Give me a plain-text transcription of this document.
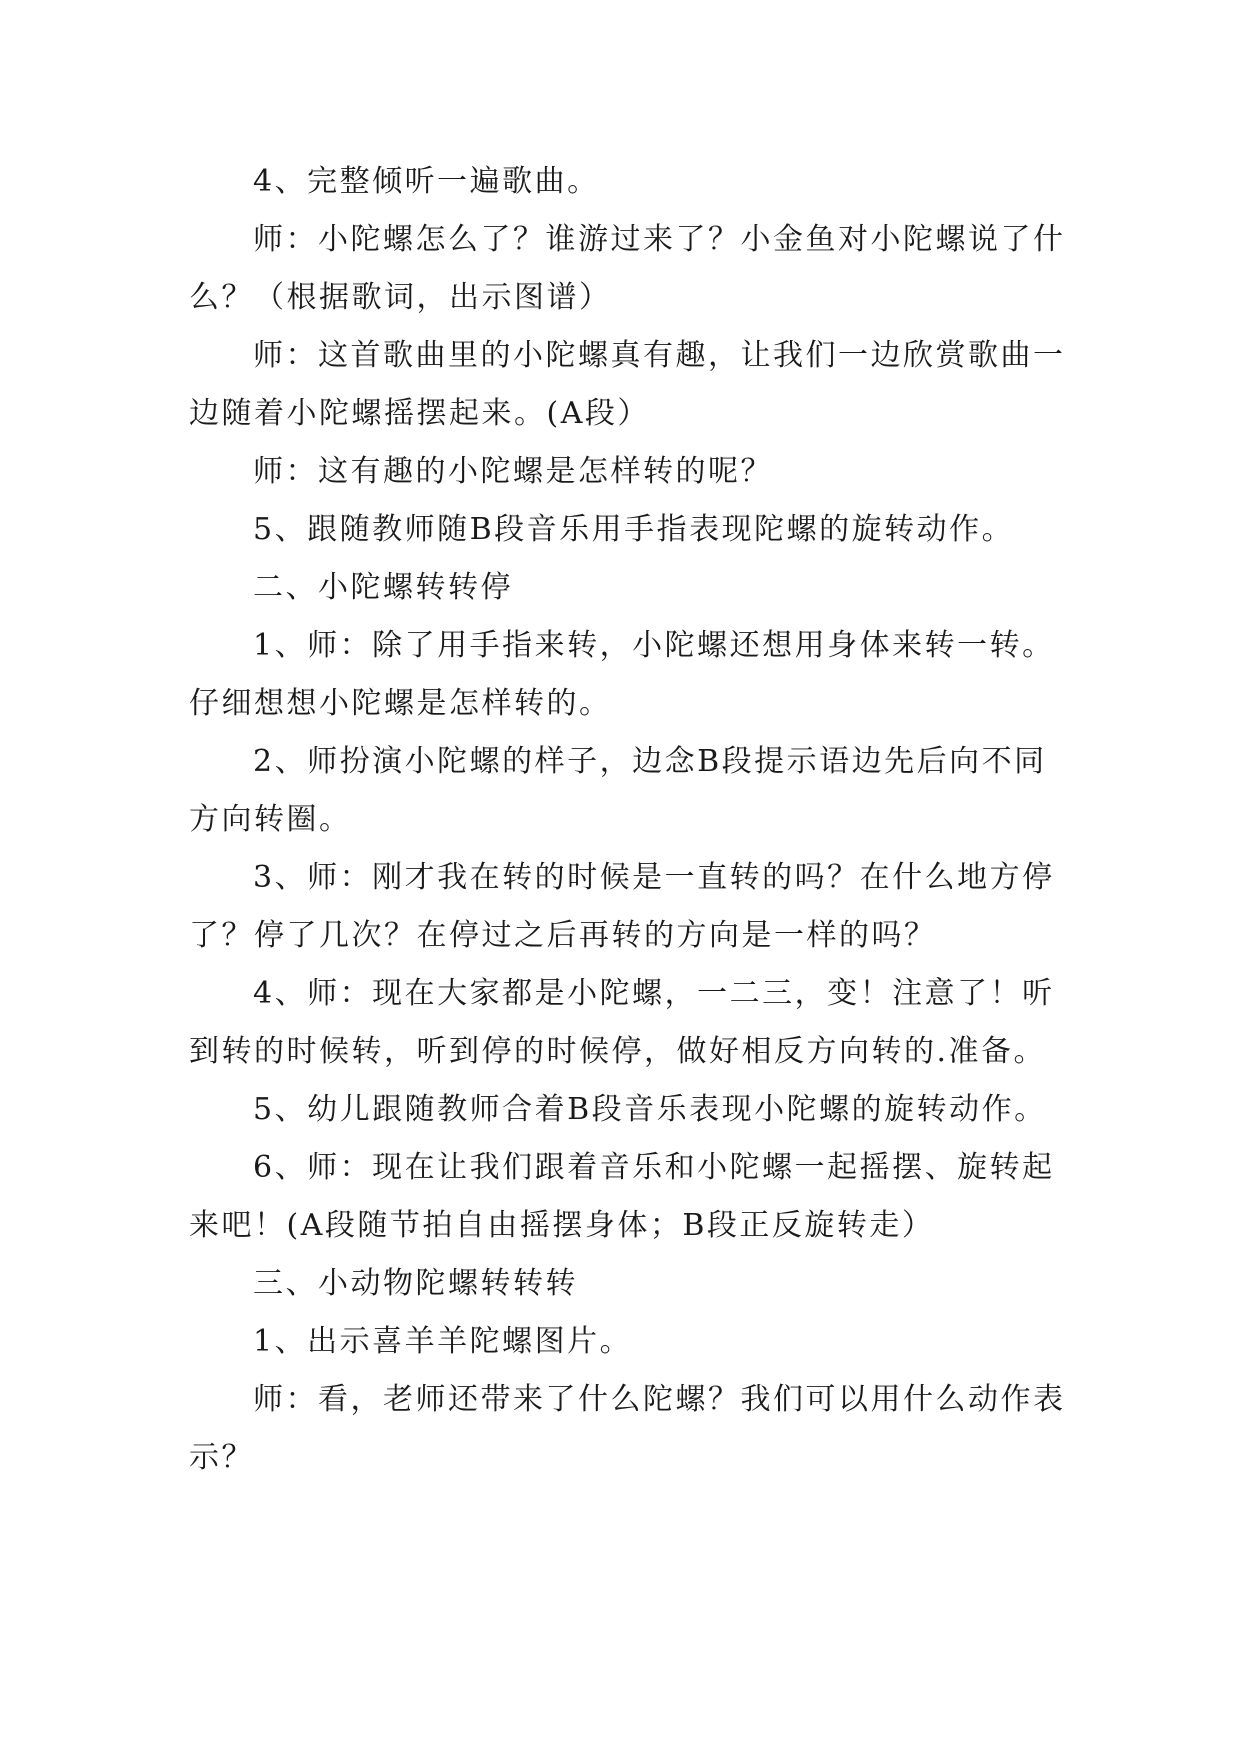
4、完整倾听一遍歌曲。

师：小陀螺怎么了？谁游过来了？小金鱼对小陀螺说了什么？（根据歌词，出示图谱）

师：这首歌曲里的小陀螺真有趣，让我们一边欣赏歌曲一边随着小陀螺摇摆起来。(A段）

师：这有趣的小陀螺是怎样转的呢？

5、跟随教师随B段音乐用手指表现陀螺的旋转动作。

二、小陀螺转转停

1、师：除了用手指来转，小陀螺还想用身体来转一转。仔细想想小陀螺是怎样转的。

2、师扮演小陀螺的样子，边念B段提示语边先后向不同方向转圈。

3、师：刚才我在转的时候是一直转的吗？在什么地方停了？停了几次？在停过之后再转的方向是一样的吗？

4、师：现在大家都是小陀螺，一二三，变！注意了！听到转的时候转，听到停的时候停，做好相反方向转的.准备。

5、幼儿跟随教师合着B段音乐表现小陀螺的旋转动作。

6、师：现在让我们跟着音乐和小陀螺一起摇摆、旋转起来吧！(A段随节拍自由摇摆身体；B段正反旋转走）

三、小动物陀螺转转转

1、出示喜羊羊陀螺图片。

师：看，老师还带来了什么陀螺？我们可以用什么动作表示？
